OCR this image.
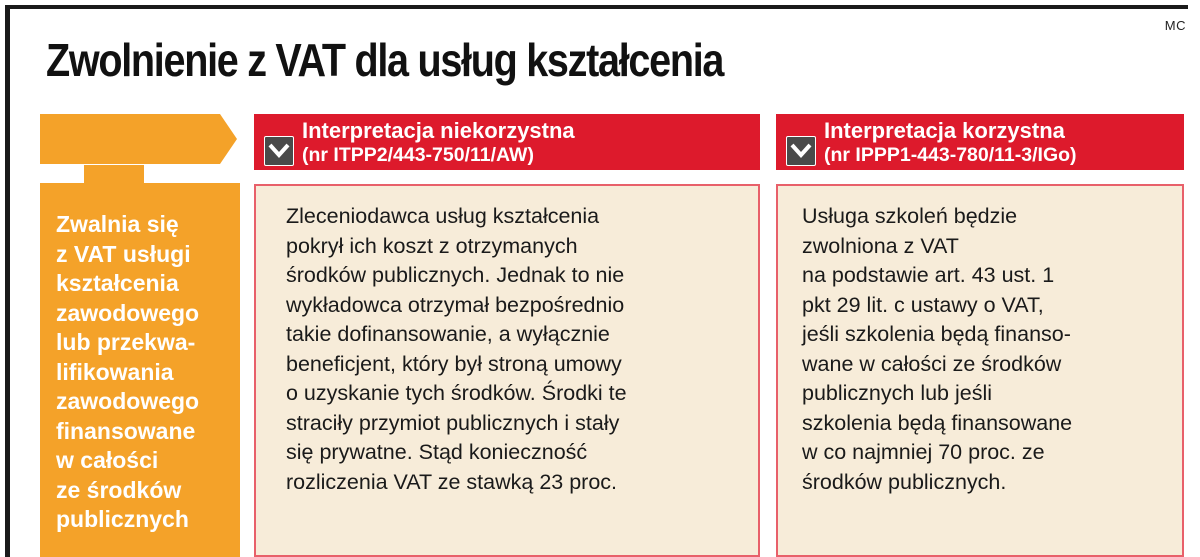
MC
Zwolnienie z VAT dla usług kształcenia
Zwalnia się
z VAT usługi
kształcenia
zawodowego
lub przekwa-
lifikowania
zawodowego
finansowane
w całości
ze środków
publicznych
Interpretacja niekorzystna
(nr ITPP2/443-750/11/AW)
Zleceniodawca usług kształcenia
pokrył ich koszt z otrzymanych
środków publicznych. Jednak to nie
wykładowca otrzymał bezpośrednio
takie dofinansowanie, a wyłącznie
beneficjent, który był stroną umowy
o uzyskanie tych środków. Środki te
straciły przymiot publicznych i stały
się prywatne. Stąd konieczność
rozliczenia VAT ze stawką 23 proc.
Interpretacja korzystna
(nr IPPP1-443-780/11-3/IGo)
Usługa szkoleń będzie
zwolniona z VAT
na podstawie art. 43 ust. 1
pkt 29 lit. c ustawy o VAT,
jeśli szkolenia będą finanso-
wane w całości ze środków
publicznych lub jeśli
szkolenia będą finansowane
w co najmniej 70 proc. ze
środków publicznych.
